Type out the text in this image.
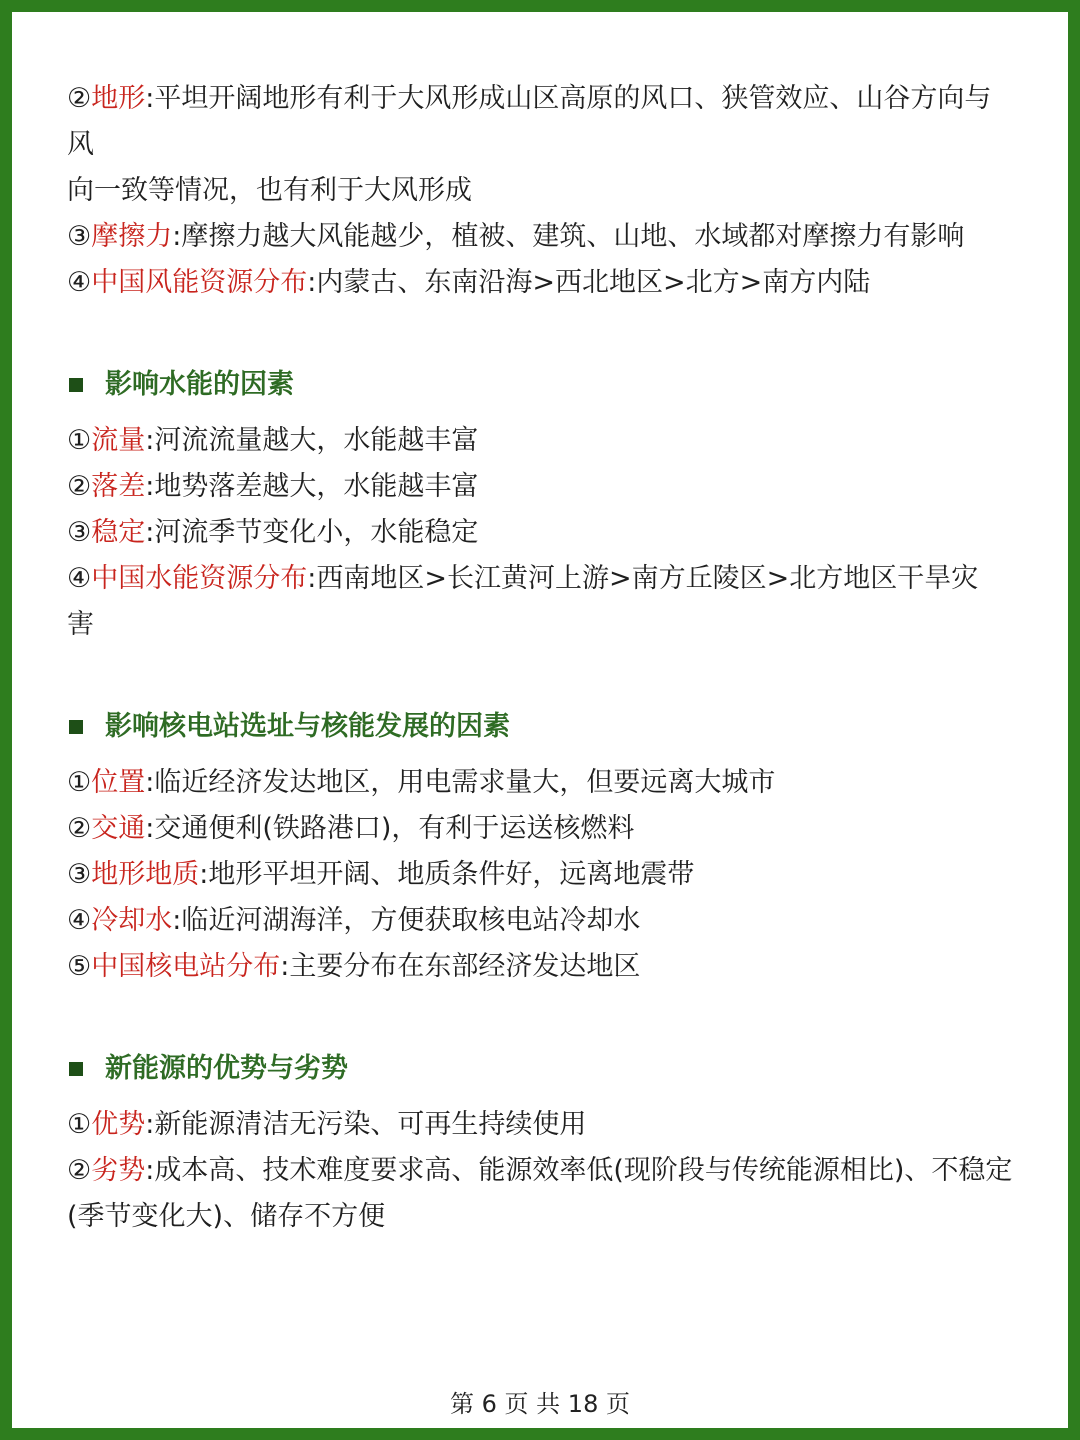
②地形:平坦开阔地形有利于大风形成山区高原的风口、狭管效应、山谷方向与风
向一致等情况，也有利于大风形成
③摩擦力:摩擦力越大风能越少，植被、建筑、山地、水域都对摩擦力有影响
④中国风能资源分布:内蒙古、东南沿海>西北地区>北方>南方内陆
影响水能的因素
①流量:河流流量越大，水能越丰富
②落差:地势落差越大，水能越丰富
③稳定:河流季节变化小，水能稳定
④中国水能资源分布:西南地区>长江黄河上游>南方丘陵区>北方地区干旱灾害
影响核电站选址与核能发展的因素
①位置:临近经济发达地区，用电需求量大，但要远离大城市
②交通:交通便利(铁路港口)，有利于运送核燃料
③地形地质:地形平坦开阔、地质条件好，远离地震带
④冷却水:临近河湖海洋，方便获取核电站冷却水
⑤中国核电站分布:主要分布在东部经济发达地区
新能源的优势与劣势
①优势:新能源清洁无污染、可再生持续使用
②劣势:成本高、技术难度要求高、能源效率低(现阶段与传统能源相比)、不稳定(季节变化大)、储存不方便
第 6 页 共 18 页
